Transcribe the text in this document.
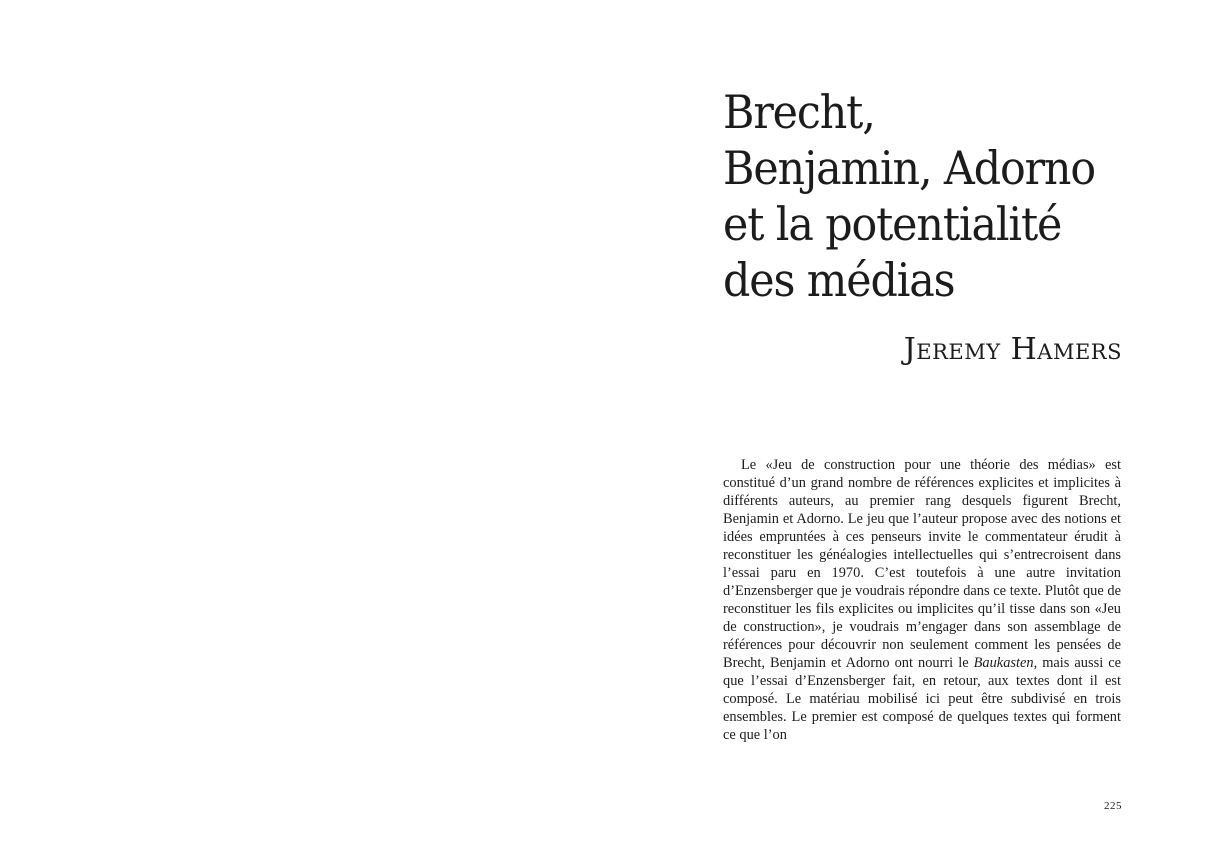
Brecht,
Benjamin, Adorno
et la potentialité
des médias
Jeremy Hamers

Le «Jeu de construction pour une théorie des médias» est constitué d’un grand nombre de références explicites et implicites à différents auteurs, au premier rang desquels figurent Brecht, Benjamin et Adorno. Le jeu que l’auteur propose avec des notions et idées empruntées à ces penseurs invite le commentateur érudit à reconstituer les généalogies intellectuelles qui s’entrecroisent dans l’essai paru en 1970. C’est toutefois à une autre invitation d’Enzensberger que je voudrais répondre dans ce texte. Plutôt que de reconstituer les fils explicites ou implicites qu’il tisse dans son «Jeu de construction», je voudrais m’engager dans son assemblage de références pour découvrir non seulement comment les pensées de Brecht, Benjamin et Adorno ont nourri le Baukasten, mais aussi ce que l’essai d’Enzensberger fait, en retour, aux textes dont il est composé. Le matériau mobilisé ici peut être subdivisé en trois ensembles. Le premier est composé de quelques textes qui forment ce que l’on

225
